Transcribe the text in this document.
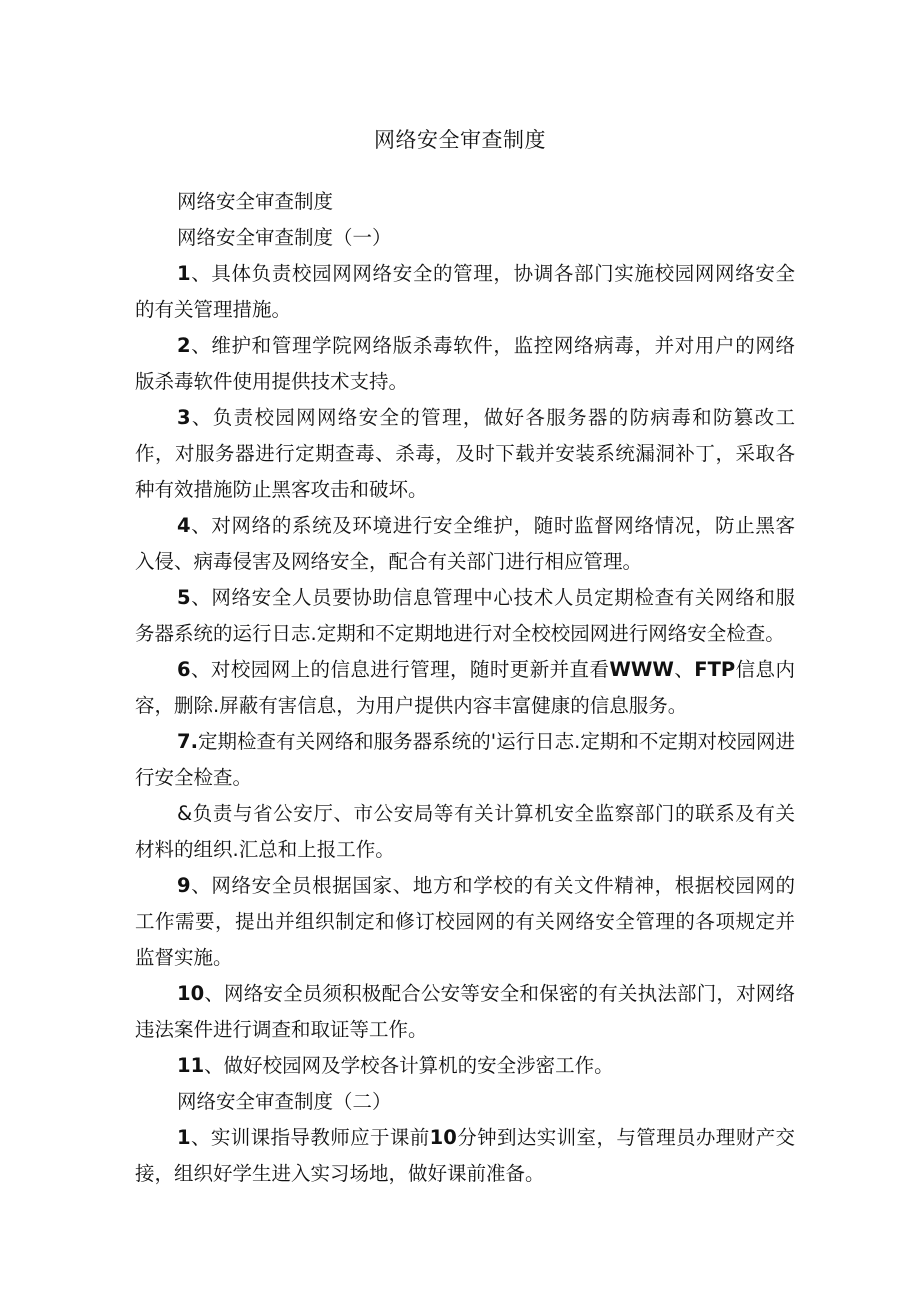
网络安全审查制度

网络安全审查制度

网络安全审查制度（一）

1、具体负责校园网网络安全的管理，协调各部门实施校园网网络安全的有关管理措施。

2、维护和管理学院网络版杀毒软件，监控网络病毒，并对用户的网络版杀毒软件使用提供技术支持。

3、负责校园网网络安全的管理，做好各服务器的防病毒和防篡改工作，对服务器进行定期查毒、杀毒，及时下载并安装系统漏洞补丁，采取各种有效措施防止黑客攻击和破坏。

4、对网络的系统及环境进行安全维护，随时监督网络情况，防止黑客入侵、病毒侵害及网络安全，配合有关部门进行相应管理。

5、网络安全人员要协助信息管理中心技术人员定期检查有关网络和服务器系统的运行日志.定期和不定期地进行对全校校园网进行网络安全检查。

6、对校园网上的信息进行管理，随时更新并直看WWW、FTP信息内容，删除.屏蔽有害信息，为用户提供内容丰富健康的信息服务。

7.定期检查有关网络和服务器系统的'运行日志.定期和不定期对校园网进行安全检查。

&负责与省公安厅、市公安局等有关计算机安全监察部门的联系及有关材料的组织.汇总和上报工作。

9、网络安全员根据国家、地方和学校的有关文件精神，根据校园网的工作需要，提出并组织制定和修订校园网的有关网络安全管理的各项规定并监督实施。

10、网络安全员须积极配合公安等安全和保密的有关执法部门，对网络违法案件进行调查和取证等工作。

11、做好校园网及学校各计算机的安全涉密工作。

网络安全审查制度（二）

1、实训课指导教师应于课前10分钟到达实训室，与管理员办理财产交接，组织好学生进入实习场地，做好课前准备。
